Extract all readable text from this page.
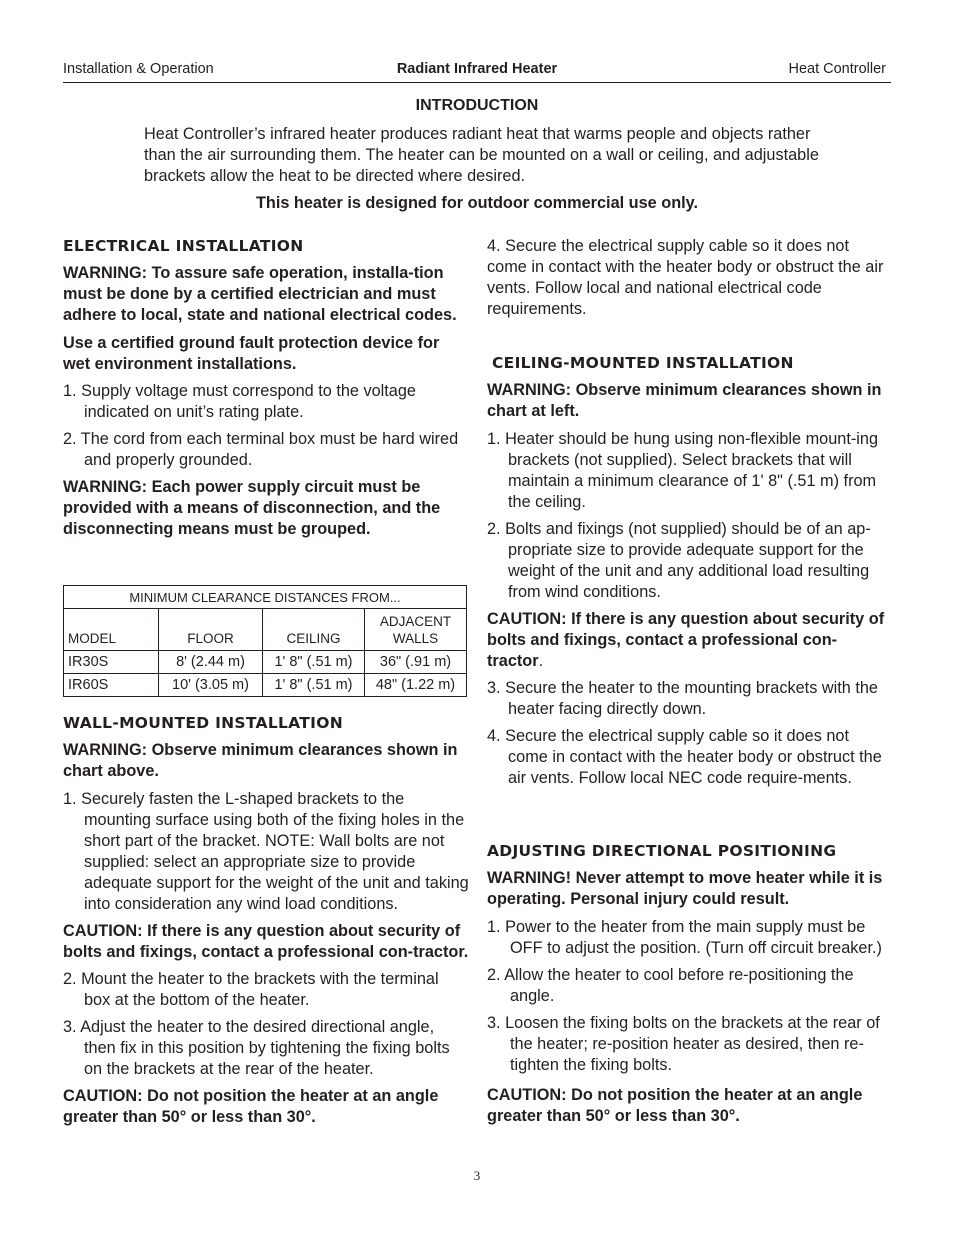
Installation & Operation	Radiant Infrared Heater	Heat Controller
INTRODUCTION
Heat Controller’s infrared heater produces radiant heat that warms people and objects rather than the air surrounding them. The heater can be mounted on a wall or ceiling, and adjustable brackets allow the heat to be directed where desired.
This heater is designed for outdoor commercial use only.

ELECTRICAL INSTALLATION

WARNING: To assure safe operation, installa-tion must be done by a certified electrician and must adhere to local, state and national electrical codes.

Use a certified ground fault protection device for wet environment installations.

1. Supply voltage must correspond to the voltage indicated on unit’s rating plate.

2. The cord from each terminal box must be hard wired and properly grounded.

WARNING: Each power supply circuit must be provided with a means of disconnection, and the disconnecting means must be grouped.

MINIMUM CLEARANCE DISTANCES FROM...			
MODEL	FLOOR	CEILING	ADJACENT
WALLS
IR30S	8' (2.44 m)	1' 8" (.51 m)	36" (.91 m)
IR60S	10' (3.05 m)	1' 8" (.51 m)	48" (1.22 m)

WALL-MOUNTED INSTALLATION

WARNING: Observe minimum clearances shown in chart above.

1. Securely fasten the L-shaped brackets to the mounting surface using both of the fixing holes in the short part of the bracket. NOTE: Wall bolts are not supplied: select an appropriate size to provide adequate support for the weight of the unit and taking into consideration any wind load conditions.

CAUTION: If there is any question about security of bolts and fixings, contact a professional con-tractor.

2. Mount the heater to the brackets with the terminal box at the bottom of the heater.

3. Adjust the heater to the desired directional angle, then fix in this position by tightening the fixing bolts on the brackets at the rear of the heater.

CAUTION: Do not position the heater at an angle greater than 50° or less than 30°.

4. Secure the electrical supply cable so it does not come in contact with the heater body or obstruct the air vents. Follow local and national electrical code requirements.

CEILING-MOUNTED INSTALLATION

WARNING: Observe minimum clearances shown in chart at left.

1. Heater should be hung using non-flexible mount-ing brackets (not supplied). Select brackets that will maintain a minimum clearance of 1' 8" (.51 m) from the ceiling.

2. Bolts and fixings (not supplied) should be of an ap-propriate size to provide adequate support for the weight of the unit and any additional load resulting from wind conditions.

CAUTION: If there is any question about security of bolts and fixings, contact a professional con-tractor.

3. Secure the heater to the mounting brackets with the heater facing directly down.

4. Secure the electrical supply cable so it does not come in contact with the heater body or obstruct the air vents. Follow local NEC code require-ments.

ADJUSTING DIRECTIONAL POSITIONING

WARNING! Never attempt to move heater while it is operating. Personal injury could result.

1. Power to the heater from the main supply must be OFF to adjust the position. (Turn off circuit breaker.)

2. Allow the heater to cool before re-positioning the angle.

3. Loosen the fixing bolts on the brackets at the rear of the heater; re-position heater as desired, then re-tighten the fixing bolts.

CAUTION: Do not position the heater at an angle greater than 50° or less than 30°.

3
